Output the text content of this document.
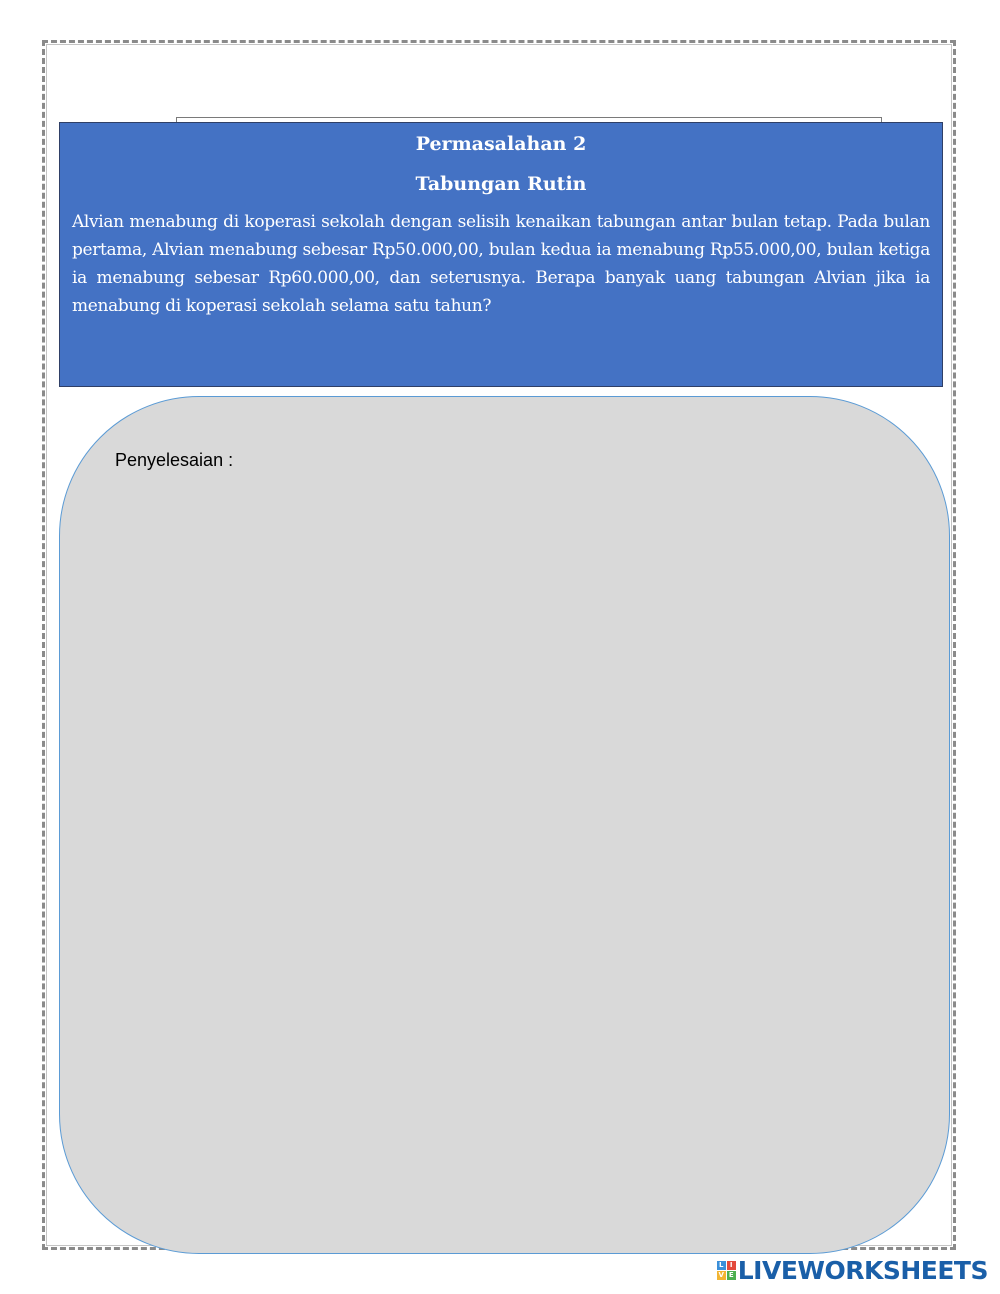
Permasalahan 2
Tabungan Rutin
Alvian menabung di koperasi sekolah dengan selisih kenaikan tabungan antar bulan tetap. Pada bulan pertama, Alvian menabung sebesar Rp50.000,00, bulan kedua ia menabung Rp55.000,00, bulan ketiga ia menabung sebesar Rp60.000,00, dan seterusnya. Berapa banyak uang tabungan Alvian jika ia menabung di koperasi sekolah selama satu tahun?
Penyelesaian :
L I
V E LIVEWORKSHEETS
